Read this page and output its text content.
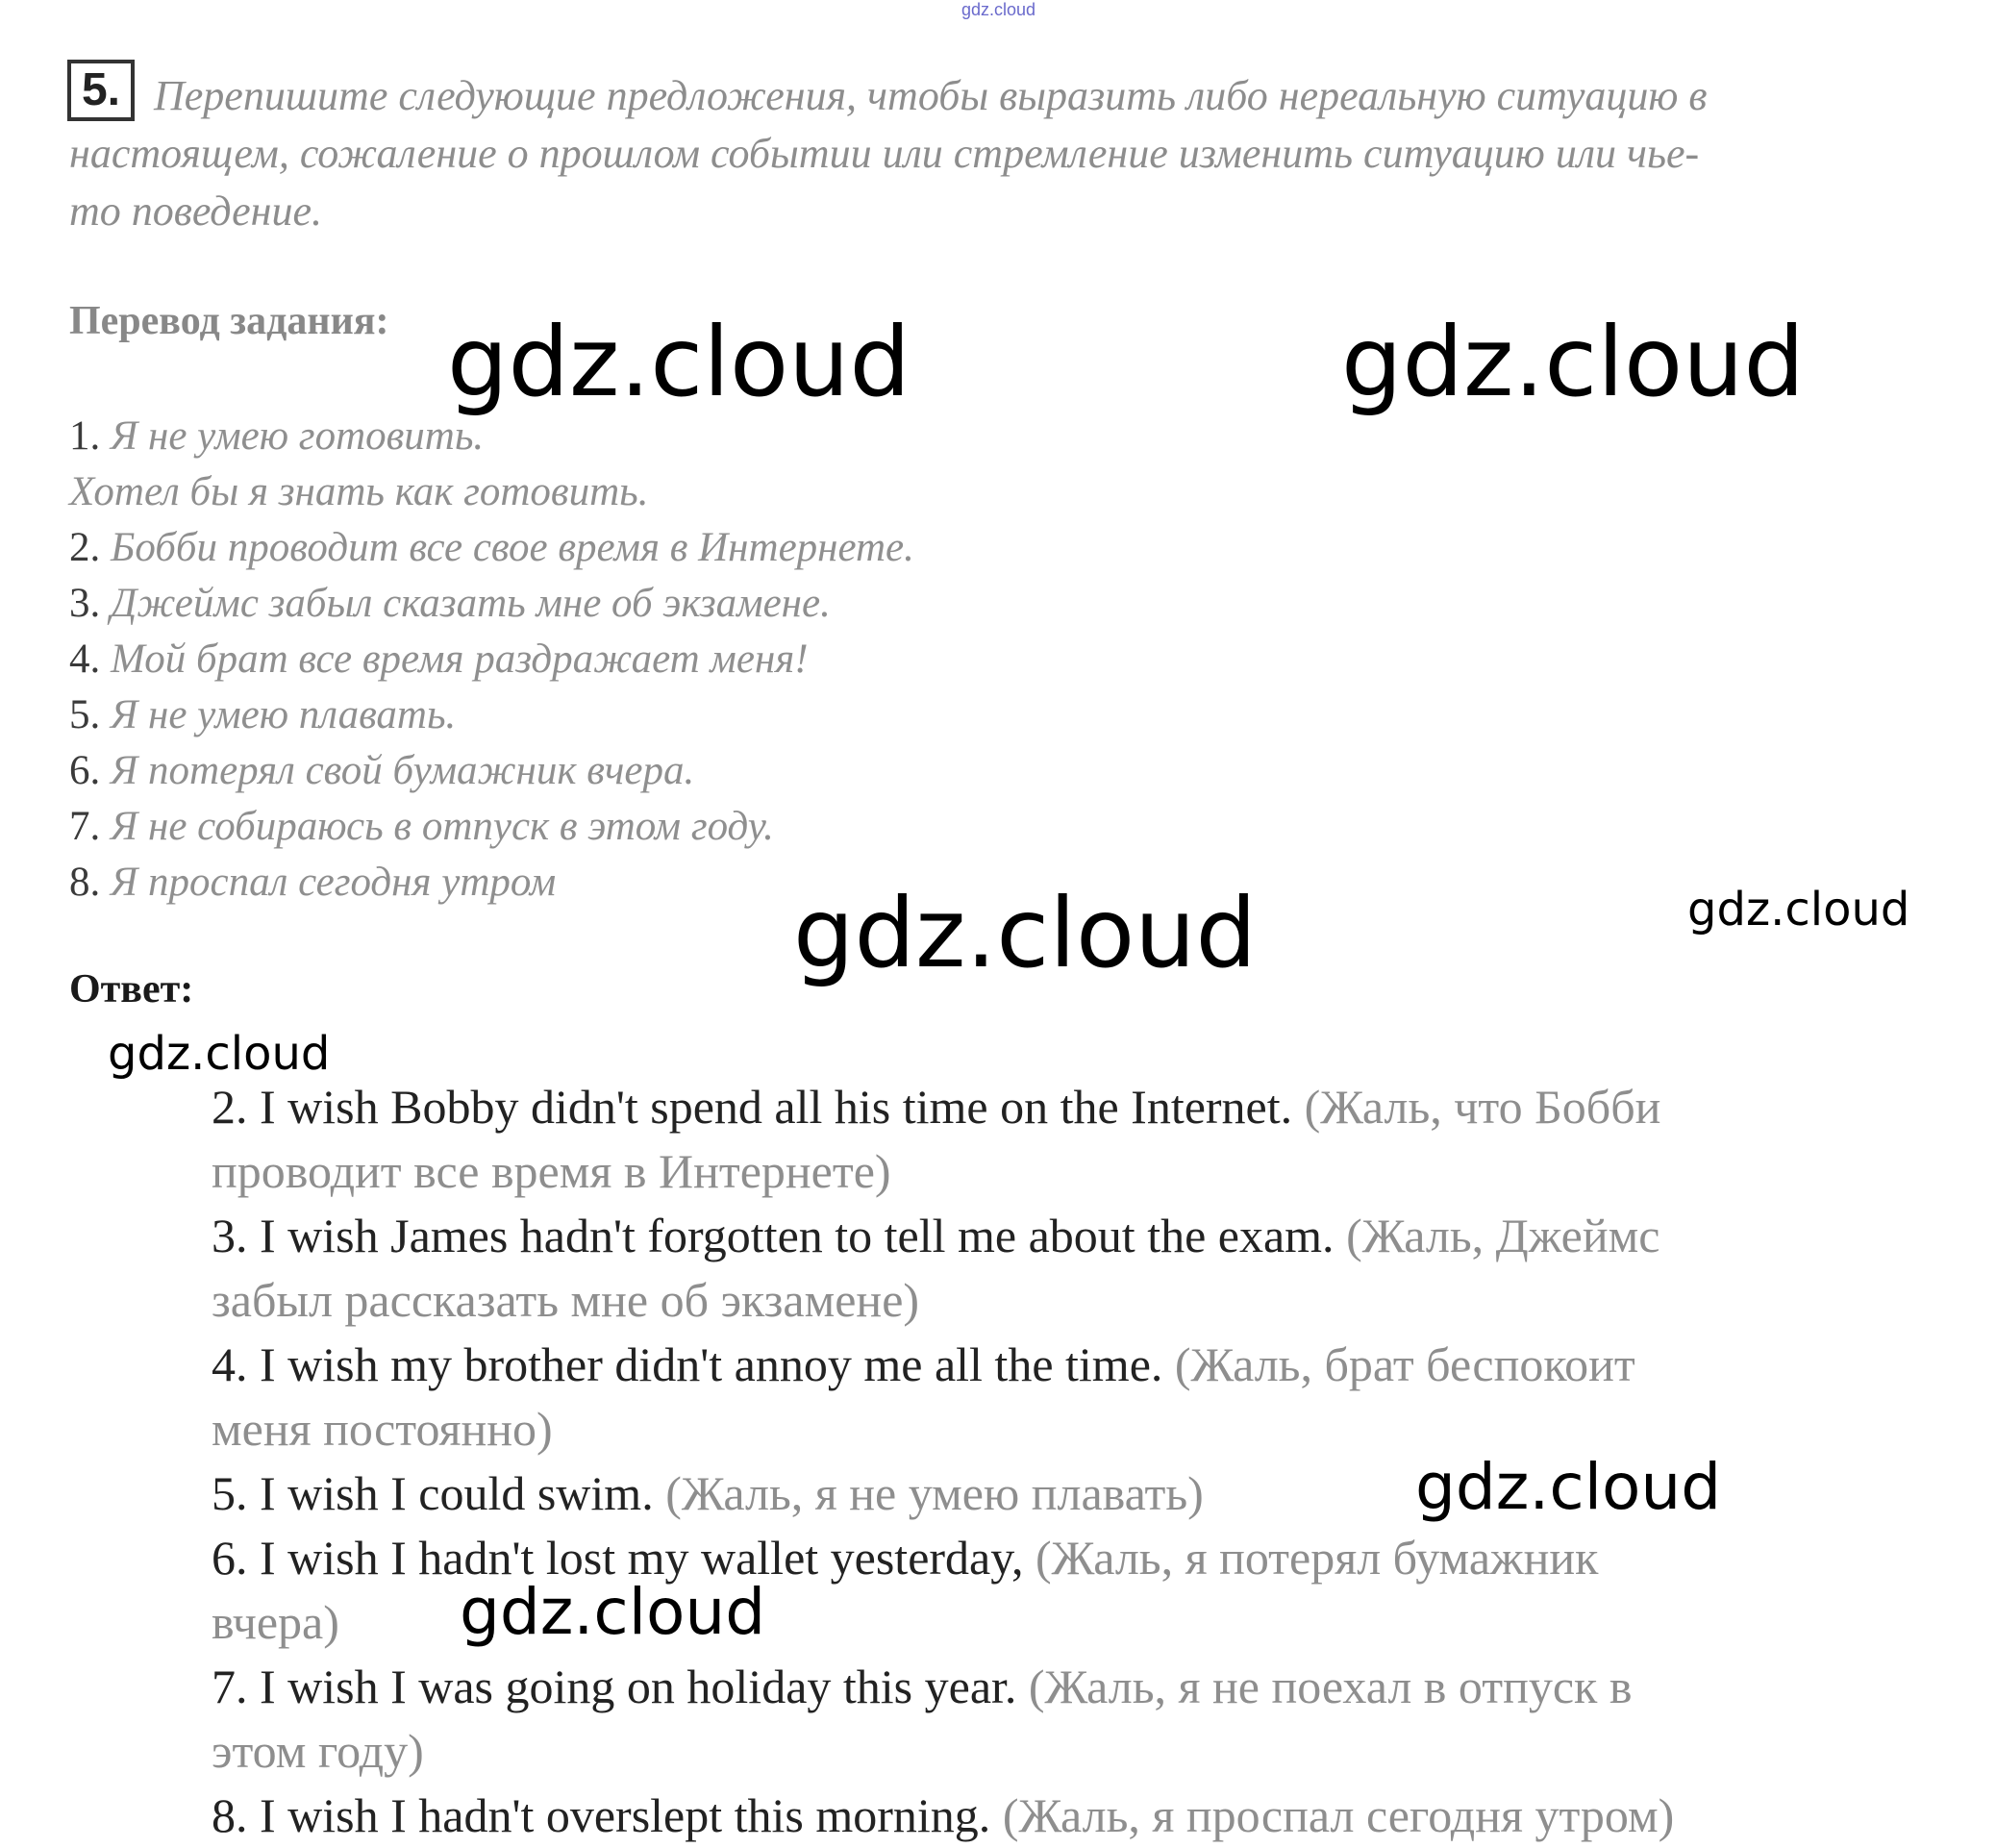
gdz.cloud
5. Перепишите следующие предложения, чтобы выразить либо нереальную ситуацию в

настоящем, сожаление о прошлом событии или стремление изменить ситуацию или чье-

то поведение.

Перевод задания:
1. Я не умею готовить.
Хотел бы я знать как готовить.
2. Бобби проводит все свое время в Интернете.
3. Джеймс забыл сказать мне об экзамене.
4. Мой брат все время раздражает меня!
5. Я не умею плавать.
6. Я потерял свой бумажник вчера.
7. Я не собираюсь в отпуск в этом году.
8. Я проспал сегодня утром
Ответ:
2. I wish Bobby didn't spend all his time on the Internet. (Жаль, что Бобби
проводит все время в Интернете)
3. I wish James hadn't forgotten to tell me about the exam. (Жаль, Джеймс
забыл рассказать мне об экзамене)
4. I wish my brother didn't annoy me all the time. (Жаль, брат беспокоит
меня постоянно)
5. I wish I could swim. (Жаль, я не умею плавать)
6. I wish I hadn't lost my wallet yesterday, (Жаль, я потерял бумажник
вчера)
7. I wish I was going on holiday this year. (Жаль, я не поехал в отпуск в
этом году)
8. I wish I hadn't overslept this morning. (Жаль, я проспал сегодня утром)
gdz.cloud	gdz.cloud
gdz.cloud	gdz.cloud
gdz.cloud
gdz.cloud
gdz.cloud
